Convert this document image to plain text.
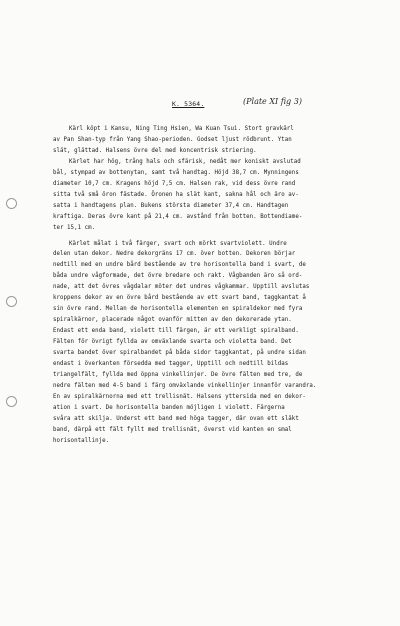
K. 5364.	(Plate XI fig 3)
Kärl köpt i Kansu, Ning Ting Hsien, Wa Kuan Tsui. Stort gravkärl
av Pan Shan-typ från Yang Shao-perioden. Godset ljust rödbrunt. Ytan
slät, glättad. Halsens övre del med koncentrisk striering.
Kärlet har hög, trång hals och sfärisk, nedåt mer koniskt avslutad
bål, stympad av bottenytan, samt två handtag. Höjd 38,7 cm. Mynningens
diameter 10,7 cm. Kragens höjd 7,5 cm. Halsen rak, vid dess övre rand
sitta två små öron fästade. Öronen ha slät kant, sakna hål och äro av-
satta i handtagens plan. Bukens största diameter 37,4 cm. Handtagen
kraftiga. Deras övre kant på 21,4 cm. avstånd från botten. Bottendiame-
ter 15,1 cm.
Kärlet målat i två färger, svart och mörkt svartviolett. Undre
delen utan dekor. Nedre dekorgräns 17 cm. över botten. Dekoren börjar
nedtill med en undre bård bestående av tre horisontella band i svart, de
båda undre vågformade, det övre bredare och rakt. Vågbanden äro så ord-
nade, att det övres vågdalar möter det undres vågkammar. Upptill avslutas
kroppens dekor av en övre bård bestående av ett svart band, taggkantat å
sin övre rand. Mellan de horisontella elementen en spiraldekor med fyra
spiralkärnor, placerade något ovanför mitten av den dekorerade ytan.
Endast ett enda band, violett till färgen, är ett verkligt spiralband.
Fälten för övrigt fyllda av omväxlande svarta och violetta band. Det
svarta bandet över spiralbandet på båda sidor taggkantat, på undre sidan
endast i överkanten försedda med tagger, Upptill och nedtill bildas
triangelfält, fyllda med öppna vinkellinjer. De övre fälten med tre, de
nedre fälten med 4-5 band i färg omväxlande vinkellinjer innanför varandra.
En av spiralkärnorna med ett trellisnät. Halsens yttersida med en dekor-
ation i svart. De horisontella banden möjligen i violett. Färgerna
svåra att skilja. Underst ett band med höga tagger, där ovan ett släkt
band, därpå ett fält fyllt med trellisnät, överst vid kanten en smal
horisontallinje.
